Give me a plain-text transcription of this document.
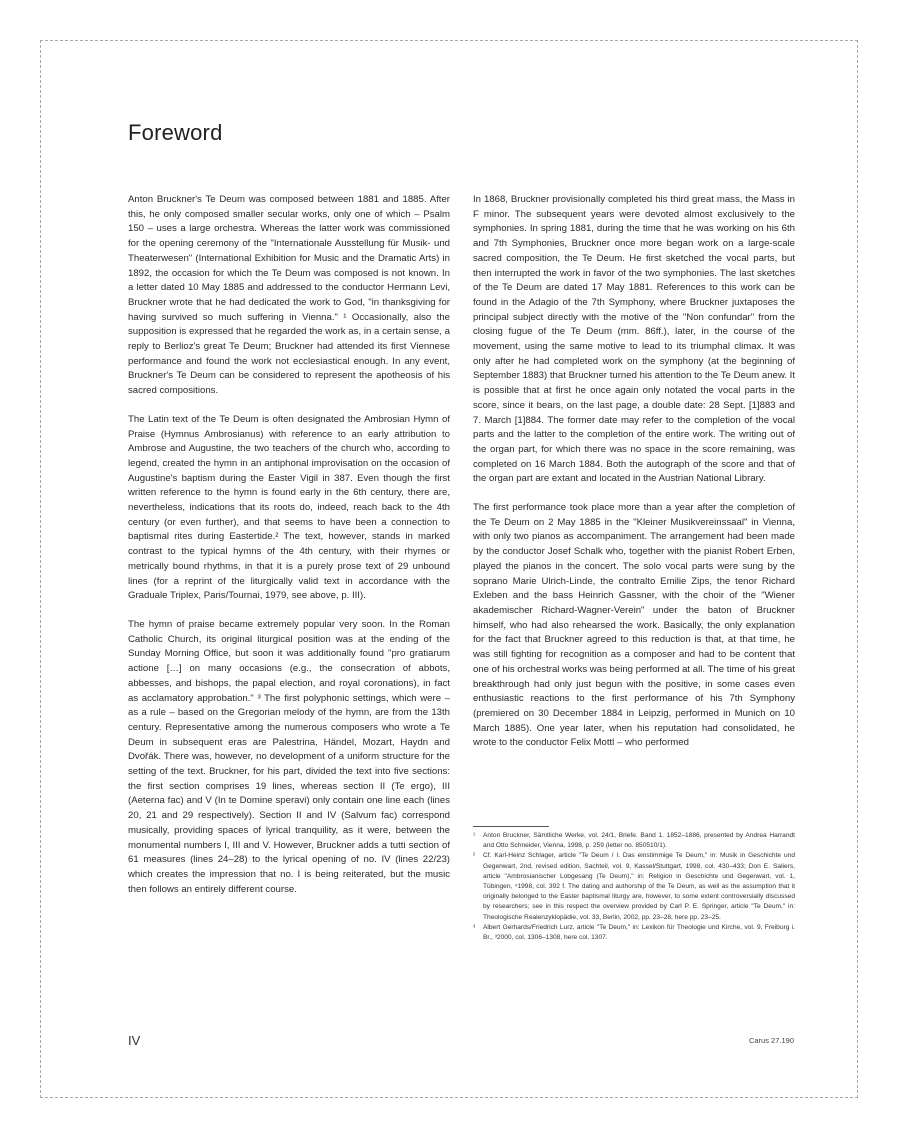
Foreword

Anton Bruckner's Te Deum was composed between 1881 and 1885. After this, he only composed smaller secular works, only one of which – Psalm 150 – uses a large orchestra. Whereas the latter work was commissioned for the opening ceremony of the "Internationale Ausstellung für Musik- und Theaterwesen" (International Exhibition for Music and the Dramatic Arts) in 1892, the occasion for which the Te Deum was composed is not known. In a letter dated 10 May 1885 and addressed to the conductor Hermann Levi, Bruckner wrote that he had dedicated the work to God, "in thanksgiving for having survived so much suffering in Vienna." ¹ Occasionally, also the supposition is expressed that he regarded the work as, in a certain sense, a reply to Berlioz's great Te Deum; Bruckner had attended its first Viennese performance and found the work not ecclesiastical enough. In any event, Bruckner's Te Deum can be considered to represent the apotheosis of his sacred compositions.

The Latin text of the Te Deum is often designated the Ambrosian Hymn of Praise (Hymnus Ambrosianus) with reference to an early attribution to Ambrose and Augustine, the two teachers of the church who, according to legend, created the hymn in an antiphonal improvisation on the occasion of Augustine's baptism during the Easter Vigil in 387. Even though the first written reference to the hymn is found early in the 6th century, there are, nevertheless, indications that its roots do, indeed, reach back to the 4th century (or even further), and that seems to have been a connection to baptismal rites during Eastertide.² The text, however, stands in marked contrast to the typical hymns of the 4th century, with their rhymes or metrically bound rhythms, in that it is a purely prose text of 29 unbound lines (for a reprint of the liturgically valid text in accordance with the Graduale Triplex, Paris/Tournai, 1979, see above, p. III).

The hymn of praise became extremely popular very soon. In the Roman Catholic Church, its original liturgical position was at the ending of the Sunday Morning Office, but soon it was additionally found "pro gratiarum actione […] on many occasions (e.g., the consecration of abbots, abbesses, and bishops, the papal election, and royal coronations), in fact as acclamatory approbation." ³ The first polyphonic settings, which were – as a rule – based on the Gregorian melody of the hymn, are from the 13th century. Representative among the numerous composers who wrote a Te Deum in subsequent eras are Palestrina, Händel, Mozart, Haydn and Dvořák. There was, however, no development of a uniform structure for the setting of the text. Bruckner, for his part, divided the text into five sections: the first section comprises 19 lines, whereas section II (Te ergo), III (Aeterna fac) and V (In te Domine speravi) only contain one line each (lines 20, 21 and 29 respectively). Section II and IV (Salvum fac) correspond musically, providing spaces of lyrical tranquility, as it were, between the monumental numbers I, III and V. However, Bruckner adds a tutti section of 61 measures (lines 24–28) to the lyrical opening of no. IV (lines 22/23) which creates the impression that no. I is being reiterated, but the music then follows an entirely different course.

In 1868, Bruckner provisionally completed his third great mass, the Mass in F minor. The subsequent years were devoted almost exclusively to the symphonies. In spring 1881, during the time that he was working on his 6th and 7th Symphonies, Bruckner once more began work on a large-scale sacred composition, the Te Deum. He first sketched the vocal parts, but then interrupted the work in favor of the two symphonies. The last sketches of the Te Deum are dated 17 May 1881. References to this work can be found in the Adagio of the 7th Symphony, where Bruckner juxtaposes the principal subject directly with the motive of the "Non confundar" from the closing fugue of the Te Deum (mm. 86ff.), later, in the course of the movement, using the same motive to lead to its triumphal climax. It was only after he had completed work on the symphony (at the beginning of September 1883) that Bruckner turned his attention to the Te Deum anew. It is possible that at first he once again only notated the vocal parts in the score, since it bears, on the last page, a double date: 28 Sept. [1]883 and 7. March [1]884. The former date may refer to the completion of the vocal parts and the latter to the completion of the entire work. The writing out of the organ part, for which there was no space in the score remaining, was completed on 16 March 1884. Both the autograph of the score and that of the organ part are extant and located in the Austrian National Library.

The first performance took place more than a year after the completion of the Te Deum on 2 May 1885 in the "Kleiner Musikvereinssaal" in Vienna, with only two pianos as accompaniment. The arrangement had been made by the conductor Josef Schalk who, together with the pianist Robert Erben, played the pianos in the concert. The solo vocal parts were sung by the soprano Marie Ulrich-Linde, the contralto Emilie Zips, the tenor Richard Exleben and the bass Heinrich Gassner, with the choir of the "Wiener akademischer Richard-Wagner-Verein" under the baton of Bruckner himself, who had also rehearsed the work. Basically, the only explanation for the fact that Bruckner agreed to this reduction is that, at that time, he was still fighting for recognition as a composer and had to be content that one of his orchestral works was being performed at all. The time of his great breakthrough had only just begun with the positive, in some cases even enthusiastic reactions to the first performance of his 7th Symphony (premiered on 30 December 1884 in Leipzig, performed in Munich on 10 March 1885). One year later, when his reputation had consolidated, he wrote to the conductor Felix Mottl – who performed

¹	Anton Bruckner, Sämtliche Werke, vol. 24/1, Briefe. Band 1. 1852–1886, presented by Andrea Harrandt and Otto Schneider, Vienna, 1998, p. 259 (letter no. 850510/1).
²	Cf. Karl-Heinz Schlager, article "Te Deum / I. Das einstimmige Te Deum," in: Musik in Geschichte und Gegenwart, 2nd, revised edition, Sachteil, vol. 9, Kassel/Stuttgart, 1998, col. 430–433; Don E. Saliers, article "Ambrosianischer Lobgesang (Te Deum)," in: Religion in Geschichte und Gegenwart, vol. 1, Tübingen, ⁴1998, col. 392 f. The dating and authorship of the Te Deum, as well as the assumption that it originally belonged to the Easter baptismal liturgy are, however, to some extent controversially discussed by researchers; see in this respect the overview provided by Carl P. E. Springer, article "Te Deum," in: Theologische Realenzyklopädie, vol. 33, Berlin, 2002, pp. 23–28, here pp. 23–25.
³	Albert Gerhards/Friedrich Lurz, article "Te Deum," in: Lexikon für Theologie und Kirche, vol. 9, Freiburg i. Br., ³2000, col. 1306–1308, here col. 1307.
IV	Carus 27.190
